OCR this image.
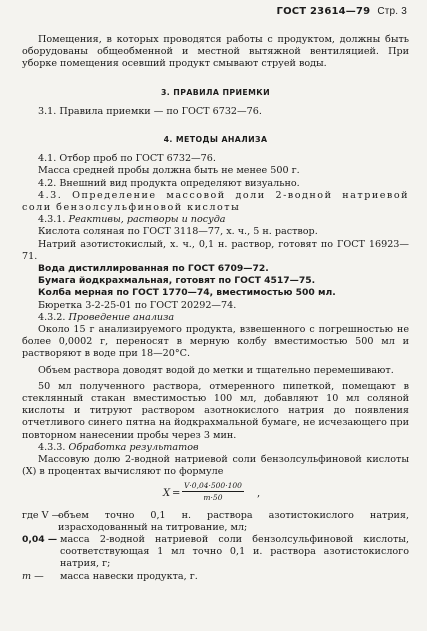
ГОСТ 23614—79 Стр. 3

Помещения, в которых проводятся работы с продуктом, должны быть оборудованы общеобменной и местной вытяжной вентиляцией. При уборке помещения осевший продукт смывают струей воды.

3. ПРАВИЛА ПРИЕМКИ

3.1. Правила приемки — по ГОСТ 6732—76.

4. МЕТОДЫ АНАЛИЗА

4.1. Отбор проб по ГОСТ 6732—76.

Масса средней пробы должна быть не менее 500 г.

4.2. Внешний вид продукта определяют визуально.

4.3. Определение массовой доли 2-водной натриевой соли бензолсульфиновой кислоты

4.3.1. Реактивы, растворы и посуда

Кислота соляная по ГОСТ 3118—77, х. ч., 5 н. раствор.

Натрий азотистокислый, х. ч., 0,1 н. раствор, готовят по ГОСТ 16923—71.

Вода дистиллированная по ГОСТ 6709—72.

Бумага йодкрахмальная, готовят по ГОСТ 4517—75.

Колба мерная по ГОСТ 1770—74, вместимостью 500 мл.

Бюретка 3-2-25-01 по ГОСТ 20292—74.

4.3.2. Проведение анализа

Около 15 г анализируемого продукта, взвешенного с погрешностью не более 0,0002 г, переносят в мерную колбу вместимостью 500 мл и растворяют в воде при 18—20°С.

Объем раствора доводят водой до метки и тщательно перемешивают.

50 мл полученного раствора, отмеренного пипеткой, помещают в стеклянный стакан вместимостью 100 мл, добавляют 10 мл соляной кислоты и титруют раствором азотнокислого натрия до появления отчетливого синего пятна на йодкрахмальной бумаге, не исчезающего при повторном нанесении пробы через 3 мин.

4.3.3. Обработка результатов

Массовую долю 2-водной натриевой соли бензолсульфиновой кислоты (X) в процентах вычисляют по формуле

$X = \frac{V\cdot 0,04\cdot 500\cdot 100}{m\cdot 50}$ ,
где V —
объем точно 0,1 н. раствора азотистокислого натрия, израсходованный на титрование, мл;
0,04 — масса 2-водной натриевой соли бензолсульфиновой кислоты, соответствующая 1 мл точно 0,1 и. раствора азотистокислого натрия, г;
m — масса навески продукта, г.
